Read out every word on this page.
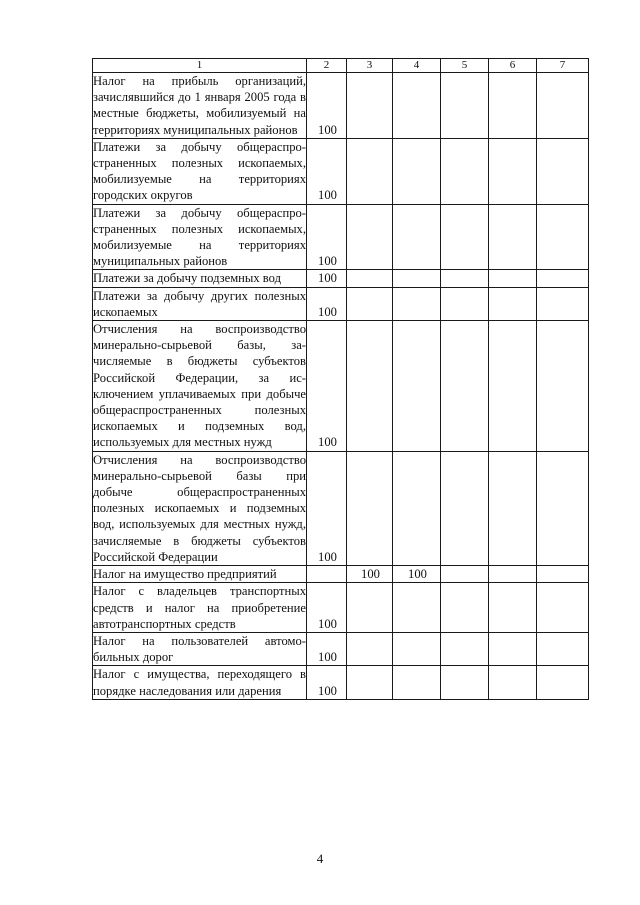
1	2	3	4	5	6	7
Налог на прибыль организаций, зачислявшийся до 1 января 2005 года в местные бюджеты, мобилизуемый на территориях муниципальных районов	100					
Платежи за добычу общераспространенных полезных ископаемых, мобилизуемые на территориях городских округов	100					
Платежи за добычу общераспространенных полезных ископаемых, мобилизуемые на территориях муниципальных районов	100					
Платежи за добычу подземных вод	100					
Платежи за добычу других полезных ископаемых	100					
Отчисления на воспроизводство минерально-сырьевой базы, зачисляемые в бюджеты субъектов Российской Федерации, за исключением уплачиваемых при добыче общераспространенных полезных ископаемых и подземных вод, используемых для местных нужд	100					
Отчисления на воспроизводство минерально-сырьевой базы при добыче общераспространенных полезных ископаемых и подземных вод, используемых для местных нужд, зачисляемые в бюджеты субъектов Российской Федерации	100					
Налог на имущество предприятий		100	100			
Налог с владельцев транспортных средств и налог на приобретение автотранспортных средств	100					
Налог на пользователей автомобильных дорог	100					
Налог с имущества, переходящего в порядке наследования или дарения	100					
4
